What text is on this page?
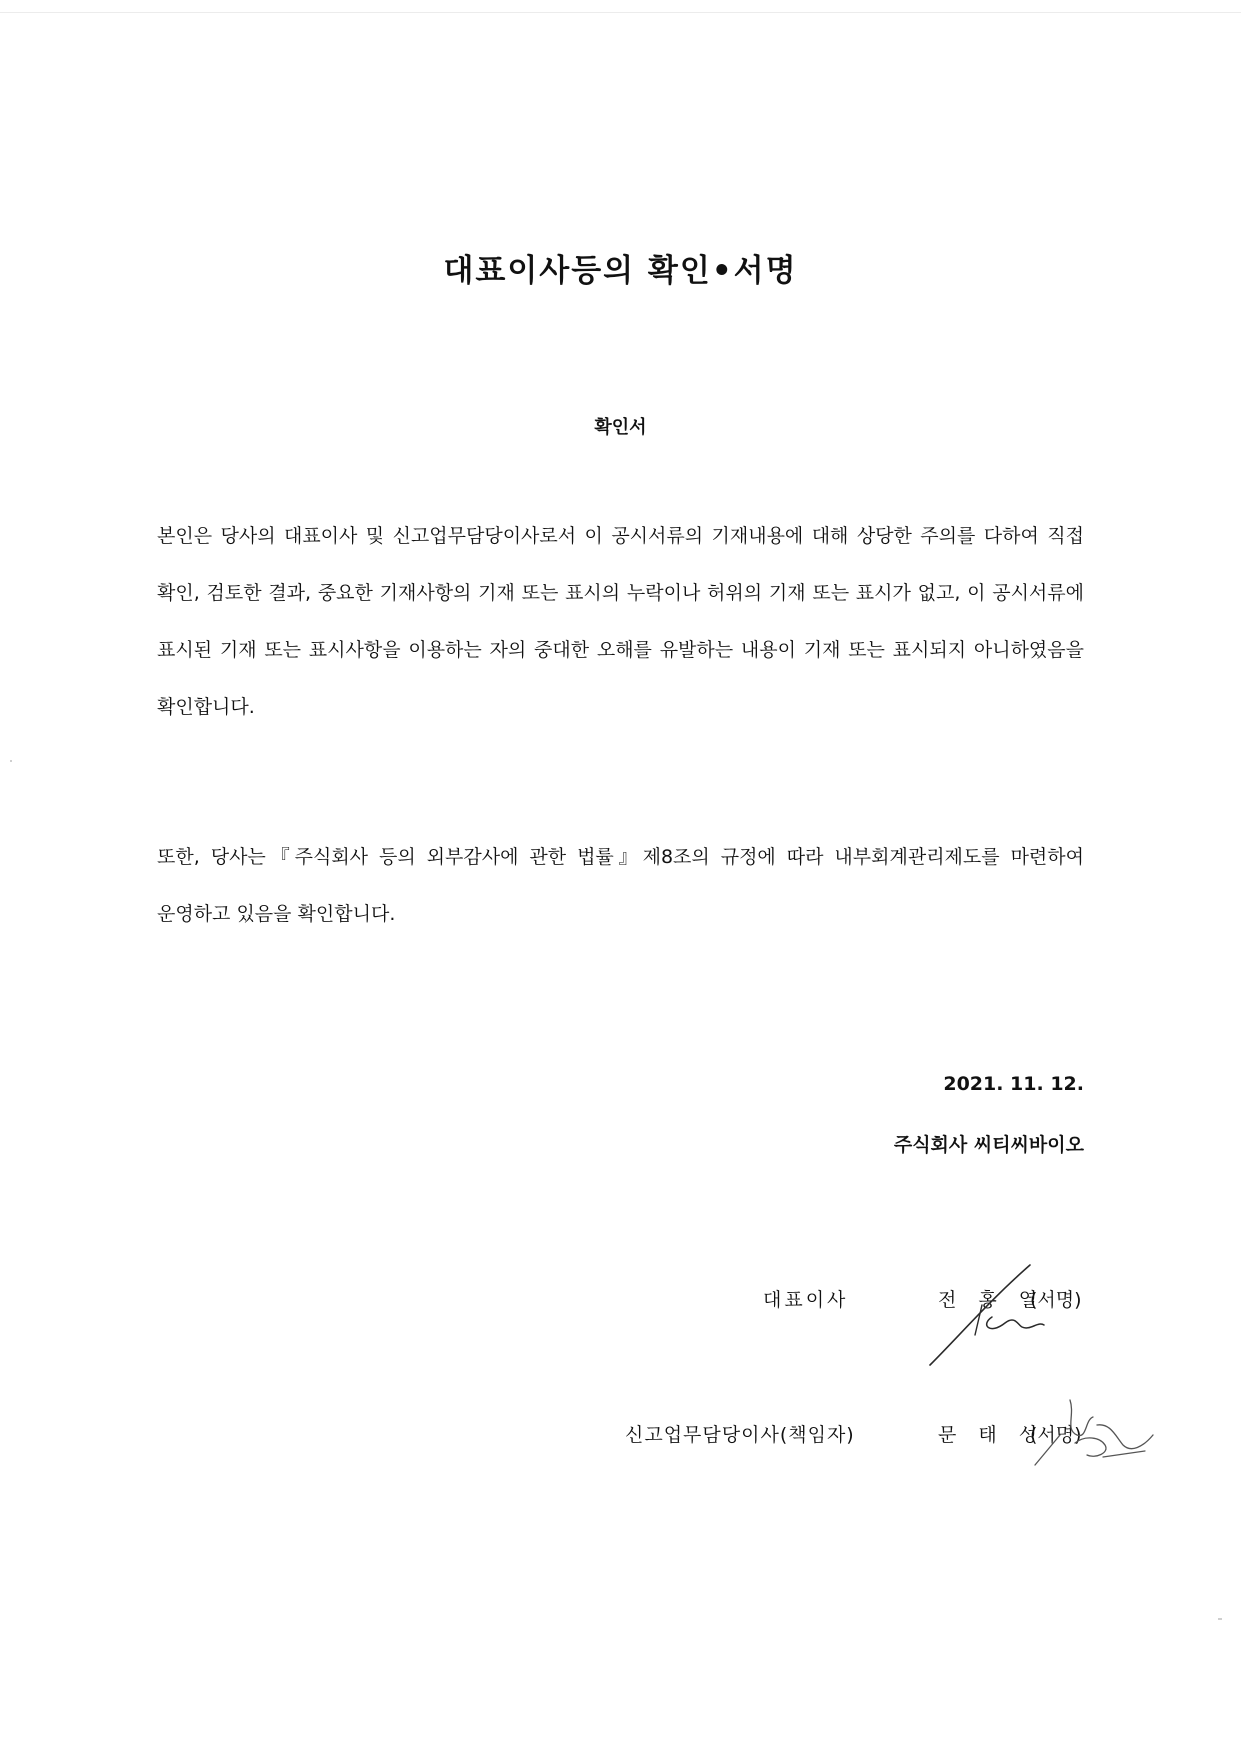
대표이사등의 확인•서명
확인서

본인은 당사의 대표이사 및 신고업무담당이사로서 이 공시서류의 기재내용에 대해 상당한 주의를 다하여 직접 확인, 검토한 결과, 중요한 기재사항의 기재 또는 표시의 누락이나 허위의 기재 또는 표시가 없고, 이 공시서류에 표시된 기재 또는 표시사항을 이용하는 자의 중대한 오해를 유발하는 내용이 기재 또는 표시되지 아니하였음을 확인합니다.

또한, 당사는『주식회사 등의 외부감사에 관한 법률』제8조의 규정에 따라 내부회계관리제도를 마련하여 운영하고 있음을 확인합니다.

2021. 11. 12.
주식회사 씨티씨바이오
대표이사	전 홍 열
(서명)
신고업무담당이사(책임자)	문 태 성
(서명)
